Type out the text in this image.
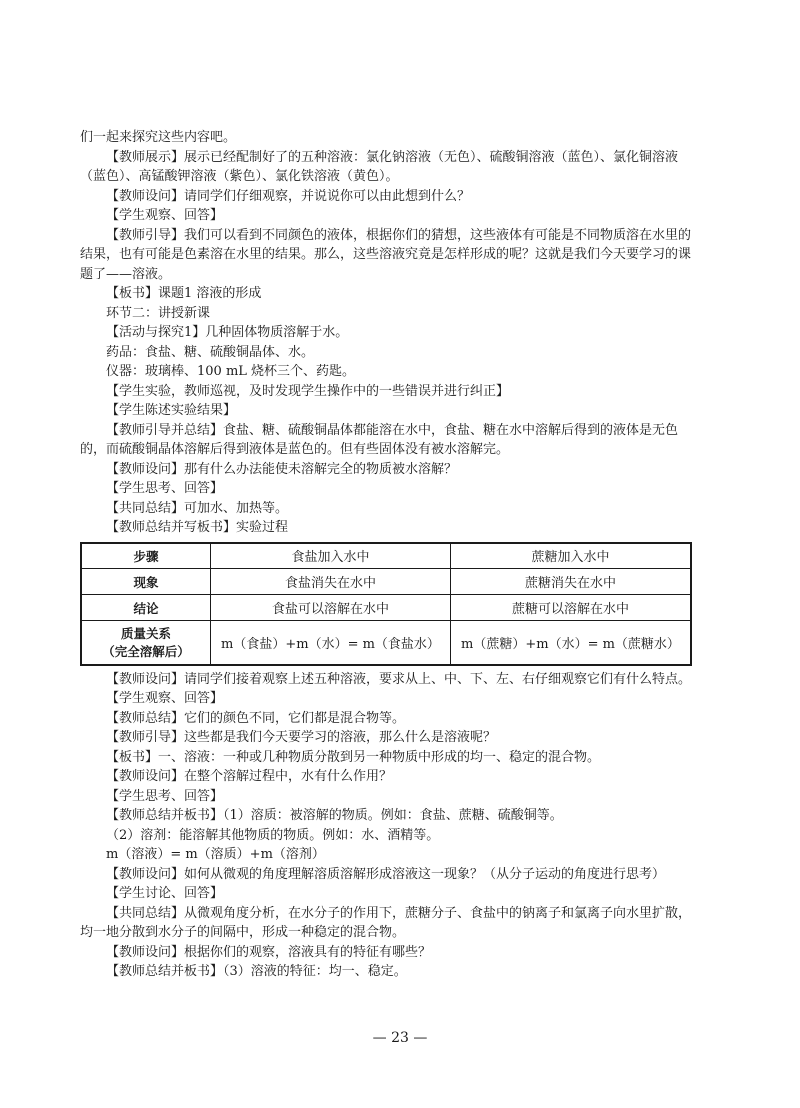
们一起来探究这些内容吧。

【教师展示】展示已经配制好了的五种溶液：氯化钠溶液（无色）、硫酸铜溶液（蓝色）、氯化铜溶液（蓝色）、高锰酸钾溶液（紫色）、氯化铁溶液（黄色）。

【教师设问】请同学们仔细观察，并说说你可以由此想到什么？

【学生观察、回答】

【教师引导】我们可以看到不同颜色的液体，根据你们的猜想，这些液体有可能是不同物质溶在水里的结果，也有可能是色素溶在水里的结果。那么，这些溶液究竟是怎样形成的呢？这就是我们今天要学习的课题了——溶液。

【板书】课题1 溶液的形成

环节二：讲授新课

【活动与探究1】几种固体物质溶解于水。

药品：食盐、糖、硫酸铜晶体、水。

仪器：玻璃棒、100 mL 烧杯三个、药匙。

【学生实验，教师巡视，及时发现学生操作中的一些错误并进行纠正】

【学生陈述实验结果】

【教师引导并总结】食盐、糖、硫酸铜晶体都能溶在水中，食盐、糖在水中溶解后得到的液体是无色的，而硫酸铜晶体溶解后得到液体是蓝色的。但有些固体没有被水溶解完。

【教师设问】那有什么办法能使未溶解完全的物质被水溶解？

【学生思考、回答】

【共同总结】可加水、加热等。

【教师总结并写板书】实验过程

步骤	食盐加入水中	蔗糖加入水中
现象	食盐消失在水中	蔗糖消失在水中
结论	食盐可以溶解在水中	蔗糖可以溶解在水中
质量关系
（完全溶解后）	m（食盐）+m（水）= m（食盐水）	m（蔗糖）+m（水）= m（蔗糖水）

【教师设问】请同学们接着观察上述五种溶液，要求从上、中、下、左、右仔细观察它们有什么特点。

【学生观察、回答】

【教师总结】它们的颜色不同，它们都是混合物等。

【教师引导】这些都是我们今天要学习的溶液，那么什么是溶液呢？

【板书】一、溶液：一种或几种物质分散到另一种物质中形成的均一、稳定的混合物。

【教师设问】在整个溶解过程中，水有什么作用？

【学生思考、回答】

【教师总结并板书】（1）溶质：被溶解的物质。例如：食盐、蔗糖、硫酸铜等。

（2）溶剂：能溶解其他物质的物质。例如：水、酒精等。

m（溶液）= m（溶质）+m（溶剂）

【教师设问】如何从微观的角度理解溶质溶解形成溶液这一现象？（从分子运动的角度进行思考）

【学生讨论、回答】

【共同总结】从微观角度分析，在水分子的作用下，蔗糖分子、食盐中的钠离子和氯离子向水里扩散，均一地分散到水分子的间隔中，形成一种稳定的混合物。

【教师设问】根据你们的观察，溶液具有的特征有哪些？

【教师总结并板书】（3）溶液的特征：均一、稳定。

— 23 —
